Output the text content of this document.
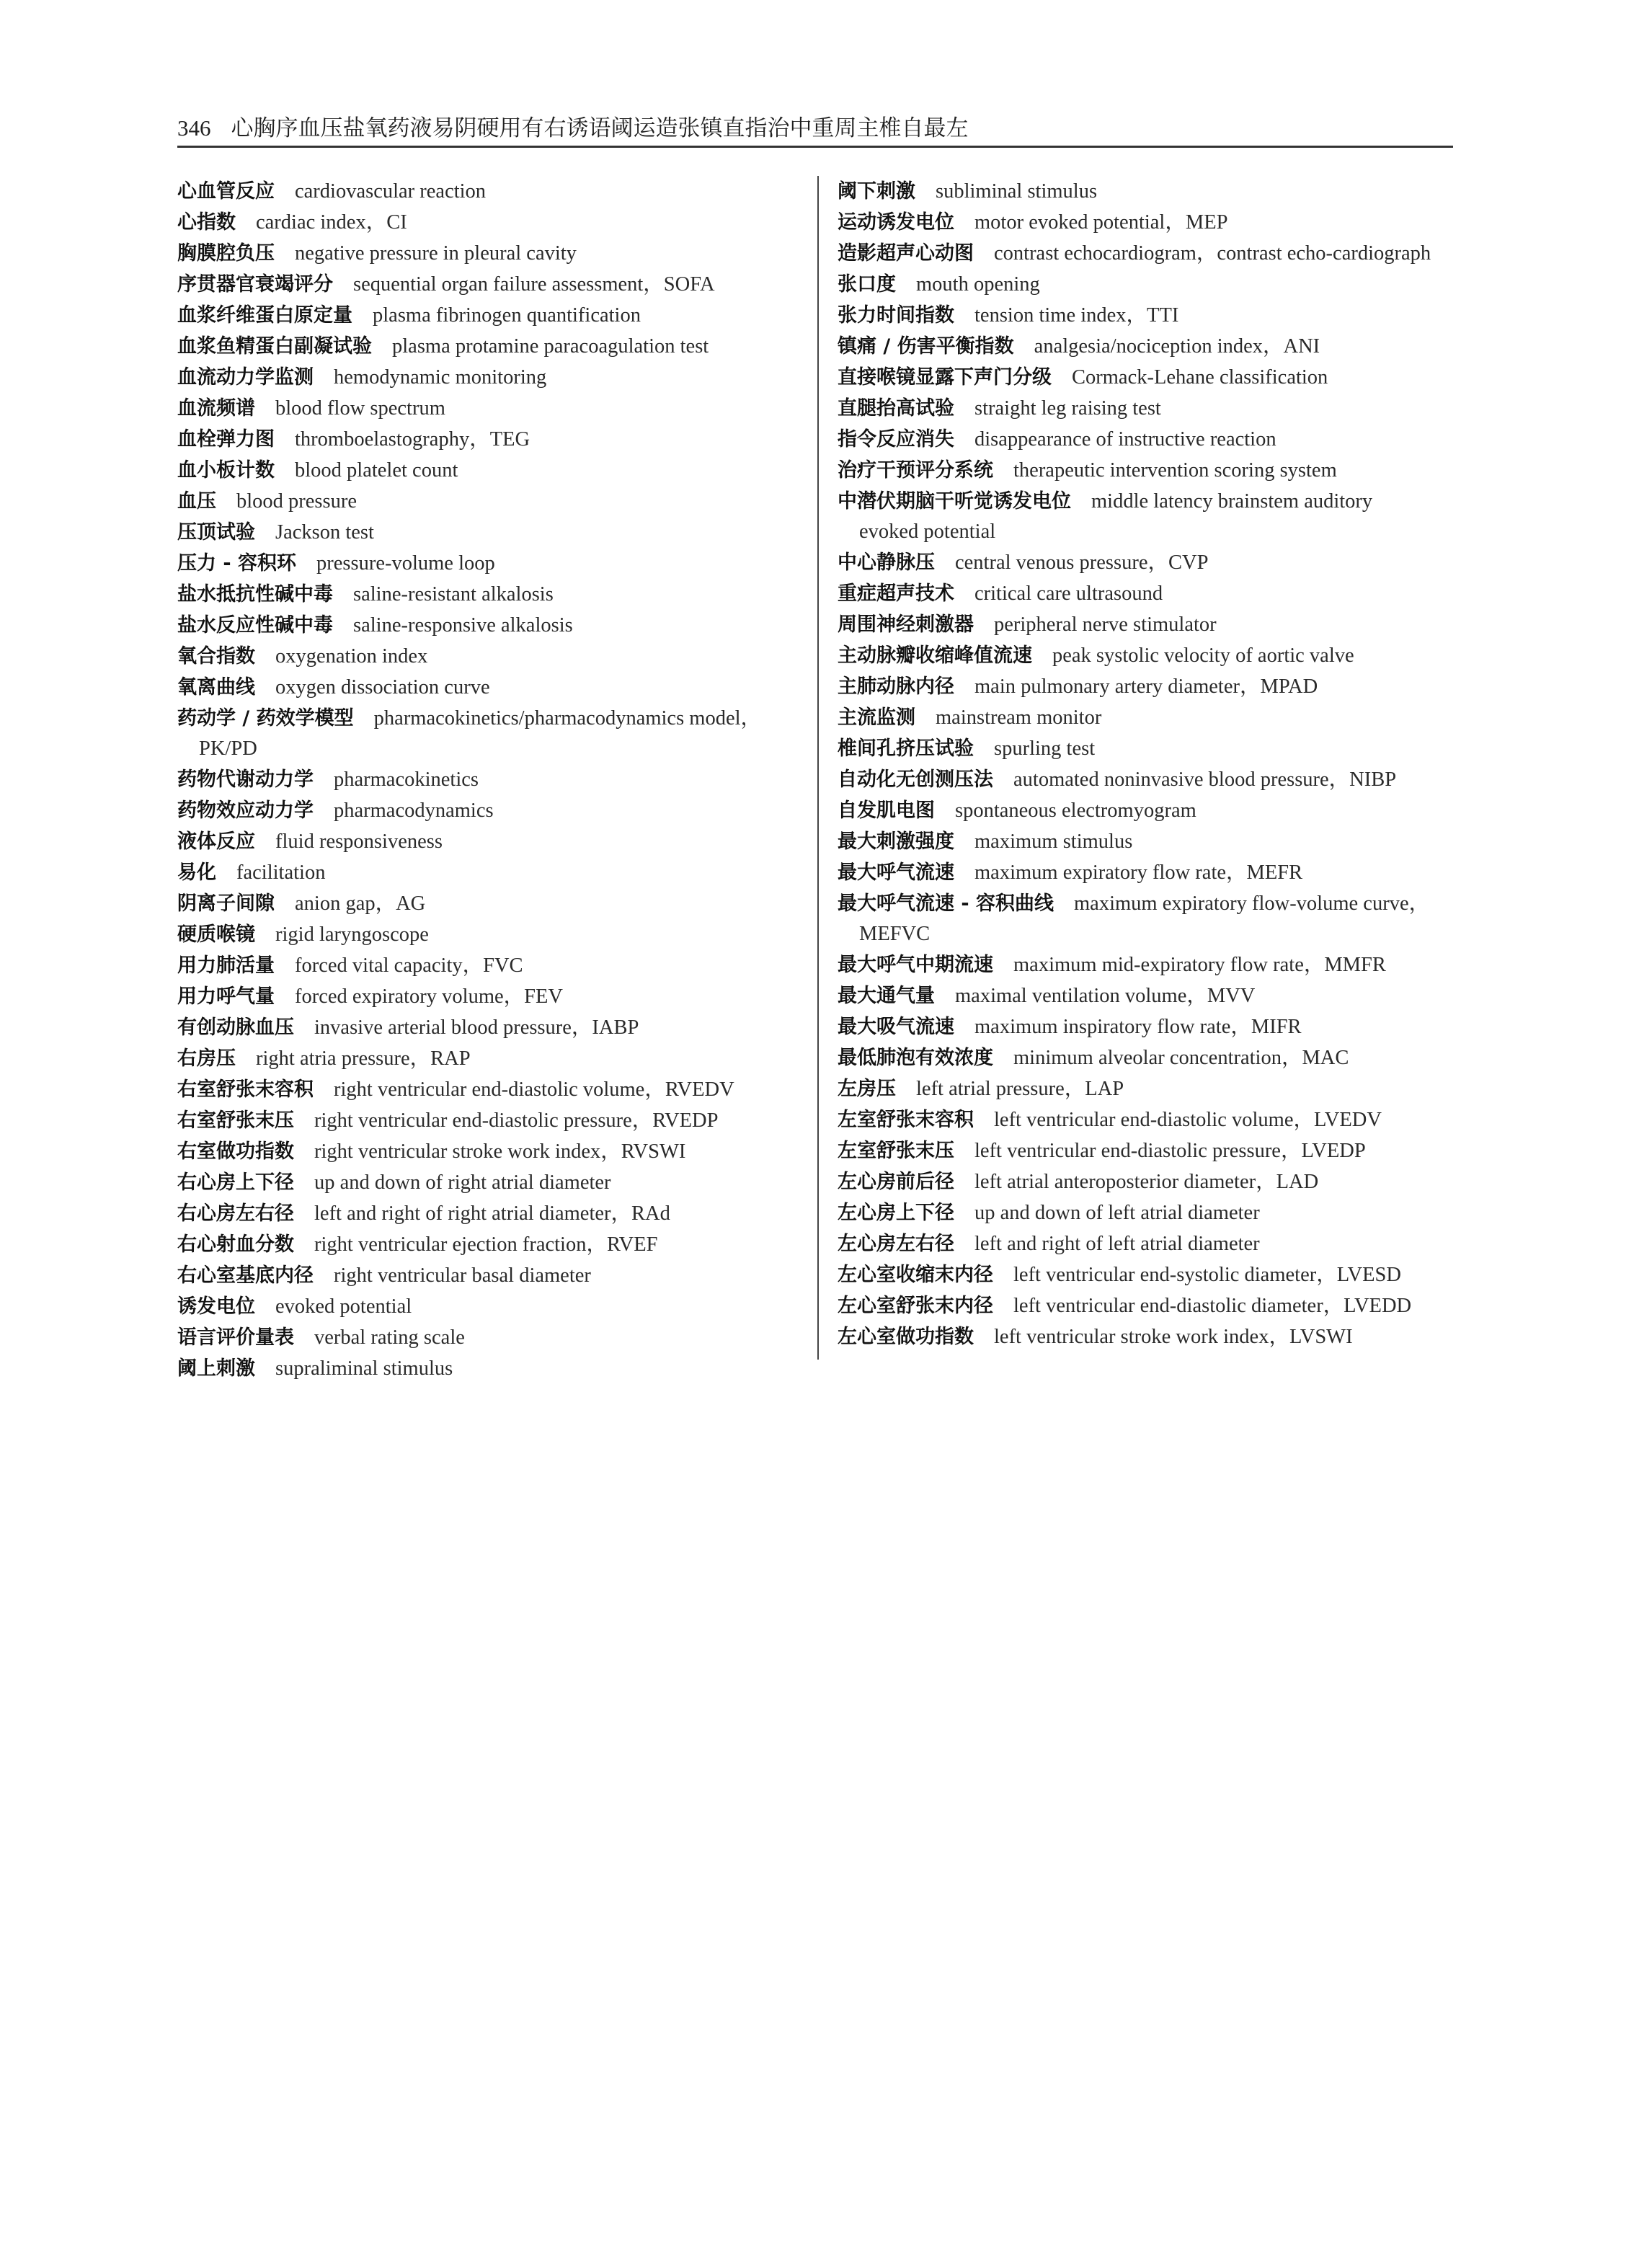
346 心胸序血压盐氧药液易阴硬用有右诱语阈运造张镇直指治中重周主椎自最左
心血管反应 cardiovascular reaction
心指数 cardiac index，CI
胸膜腔负压 negative pressure in pleural cavity
序贯器官衰竭评分 sequential organ failure assessment，SOFA
血浆纤维蛋白原定量 plasma fibrinogen quantification
血浆鱼精蛋白副凝试验 plasma protamine paracoagulation test
血流动力学监测 hemodynamic monitoring
血流频谱 blood flow spectrum
血栓弹力图 thromboelastography，TEG
血小板计数 blood platelet count
血压 blood pressure
压顶试验 Jackson test
压力 - 容积环 pressure-volume loop
盐水抵抗性碱中毒 saline-resistant alkalosis
盐水反应性碱中毒 saline-responsive alkalosis
氧合指数 oxygenation index
氧离曲线 oxygen dissociation curve
药动学 / 药效学模型 pharmacokinetics/pharmacodynamics model，
PK/PD
药物代谢动力学 pharmacokinetics
药物效应动力学 pharmacodynamics
液体反应 fluid responsiveness
易化 facilitation
阴离子间隙 anion gap，AG
硬质喉镜 rigid laryngoscope
用力肺活量 forced vital capacity，FVC
用力呼气量 forced expiratory volume，FEV
有创动脉血压 invasive arterial blood pressure，IABP
右房压 right atria pressure，RAP
右室舒张末容积 right ventricular end-diastolic volume，RVEDV
右室舒张末压 right ventricular end-diastolic pressure，RVEDP
右室做功指数 right ventricular stroke work index，RVSWI
右心房上下径 up and down of right atrial diameter
右心房左右径 left and right of right atrial diameter，RAd
右心射血分数 right ventricular ejection fraction，RVEF
右心室基底内径 right ventricular basal diameter
诱发电位 evoked potential
语言评价量表 verbal rating scale
阈上刺激 supraliminal stimulus
阈下刺激 subliminal stimulus
运动诱发电位 motor evoked potential，MEP
造影超声心动图 contrast echocardiogram，contrast echo-cardiograph
张口度 mouth opening
张力时间指数 tension time index，TTI
镇痛 / 伤害平衡指数 analgesia/nociception index，ANI
直接喉镜显露下声门分级 Cormack-Lehane classification
直腿抬高试验 straight leg raising test
指令反应消失 disappearance of instructive reaction
治疗干预评分系统 therapeutic intervention scoring system
中潜伏期脑干听觉诱发电位 middle latency brainstem auditory
evoked potential
中心静脉压 central venous pressure，CVP
重症超声技术 critical care ultrasound
周围神经刺激器 peripheral nerve stimulator
主动脉瓣收缩峰值流速 peak systolic velocity of aortic valve
主肺动脉内径 main pulmonary artery diameter，MPAD
主流监测 mainstream monitor
椎间孔挤压试验 spurling test
自动化无创测压法 automated noninvasive blood pressure，NIBP
自发肌电图 spontaneous electromyogram
最大刺激强度 maximum stimulus
最大呼气流速 maximum expiratory flow rate，MEFR
最大呼气流速 - 容积曲线 maximum expiratory flow-volume curve，
MEFVC
最大呼气中期流速 maximum mid-expiratory flow rate，MMFR
最大通气量 maximal ventilation volume，MVV
最大吸气流速 maximum inspiratory flow rate，MIFR
最低肺泡有效浓度 minimum alveolar concentration，MAC
左房压 left atrial pressure，LAP
左室舒张末容积 left ventricular end-diastolic volume，LVEDV
左室舒张末压 left ventricular end-diastolic pressure，LVEDP
左心房前后径 left atrial anteroposterior diameter，LAD
左心房上下径 up and down of left atrial diameter
左心房左右径 left and right of left atrial diameter
左心室收缩末内径 left ventricular end-systolic diameter，LVESD
左心室舒张末内径 left ventricular end-diastolic diameter，LVEDD
左心室做功指数 left ventricular stroke work index，LVSWI
